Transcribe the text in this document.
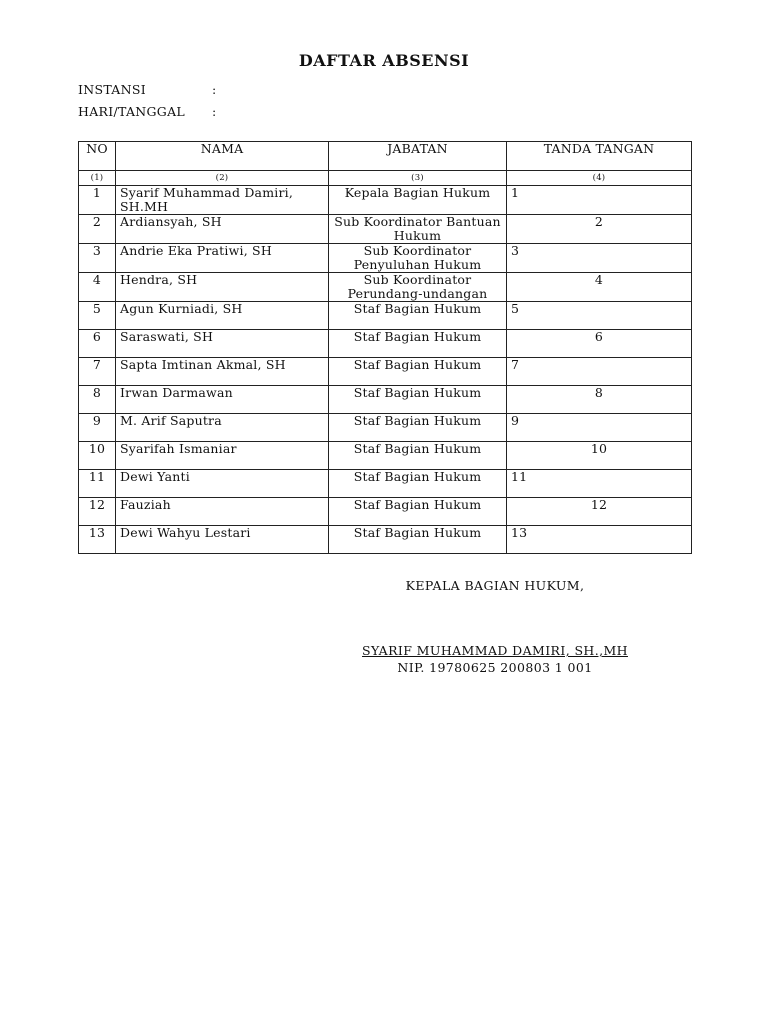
DAFTAR ABSENSI
INSTANSI	:
HARI/TANGGAL :
NO	NAMA	JABATAN	TANDA TANGAN
(1)	(2)	(3)	(4)
1	Syarif Muhammad Damiri, SH.MH	Kepala Bagian Hukum	1
2	Ardiansyah, SH	Sub Koordinator Bantuan Hukum	2
3	Andrie Eka Pratiwi, SH	Sub Koordinator Penyuluhan Hukum	3
4	Hendra, SH	Sub Koordinator Perundang-undangan	4
5	Agun Kurniadi, SH	Staf Bagian Hukum	5
6	Saraswati, SH	Staf Bagian Hukum	6
7	Sapta Imtinan Akmal, SH	Staf Bagian Hukum	7
8	Irwan Darmawan	Staf Bagian Hukum	8
9	M. Arif Saputra	Staf Bagian Hukum	9
10	Syarifah Ismaniar	Staf Bagian Hukum	10
11	Dewi Yanti	Staf Bagian Hukum	11
12	Fauziah	Staf Bagian Hukum	12
13	Dewi Wahyu Lestari	Staf Bagian Hukum	13
KEPALA BAGIAN HUKUM,
SYARIF MUHAMMAD DAMIRI, SH.,MH
NIP. 19780625 200803 1 001
